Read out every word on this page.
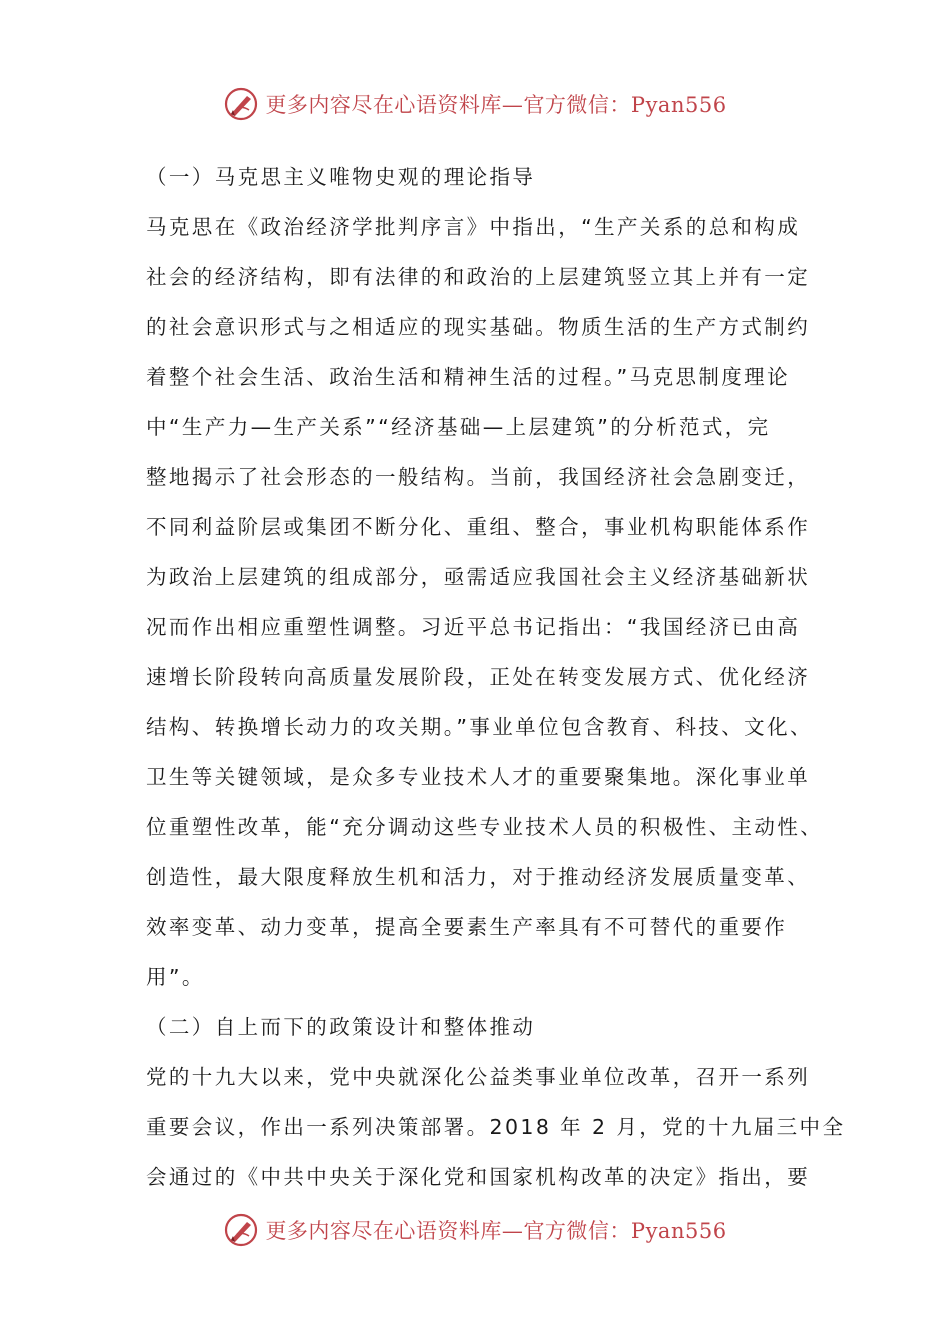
更多内容尽在心语资料库—官方微信：Pyan556
（一）马克思主义唯物史观的理论指导
马克思在《政治经济学批判序言》中指出，“生产关系的总和构成
社会的经济结构，即有法律的和政治的上层建筑竖立其上并有一定
的社会意识形式与之相适应的现实基础。物质生活的生产方式制约
着整个社会生活、政治生活和精神生活的过程。”马克思制度理论
中“生产力—生产关系”“经济基础—上层建筑”的分析范式，完
整地揭示了社会形态的一般结构。当前，我国经济社会急剧变迁，
不同利益阶层或集团不断分化、重组、整合，事业机构职能体系作
为政治上层建筑的组成部分，亟需适应我国社会主义经济基础新状
况而作出相应重塑性调整。习近平总书记指出：“我国经济已由高
速增长阶段转向高质量发展阶段，正处在转变发展方式、优化经济
结构、转换增长动力的攻关期。”事业单位包含教育、科技、文化、
卫生等关键领域，是众多专业技术人才的重要聚集地。深化事业单
位重塑性改革，能“充分调动这些专业技术人员的积极性、主动性、
创造性，最大限度释放生机和活力，对于推动经济发展质量变革、
效率变革、动力变革，提高全要素生产率具有不可替代的重要作
用”。
（二）自上而下的政策设计和整体推动
党的十九大以来，党中央就深化公益类事业单位改革，召开一系列
重要会议，作出一系列决策部署。2018 年 2 月，党的十九届三中全
会通过的《中共中央关于深化党和国家机构改革的决定》指出，要
更多内容尽在心语资料库—官方微信：Pyan556
